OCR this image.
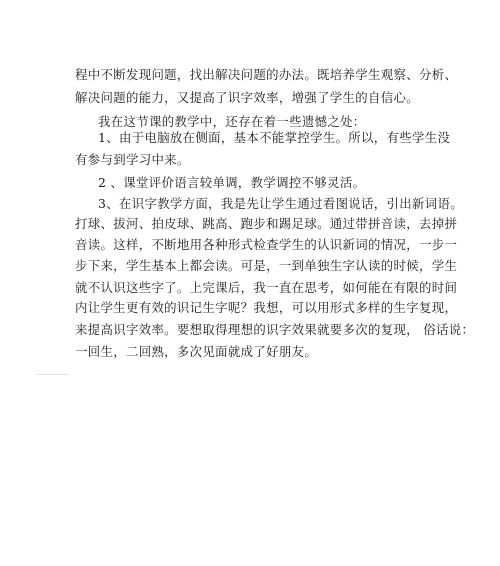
程中不断发现问题，找出解决问题的办法。既培养学生观察、分析、
解决问题的能力，又提高了识字效率，增强了学生的自信心。
我在这节课的教学中，还存在着一些遗憾之处：
1、由于电脑放在侧面，基本不能掌控学生。所以，有些学生没
有参与到学习中来。
2 、课堂评价语言较单调，教学调控不够灵活。
3、在识字教学方面，我是先让学生通过看图说话，引出新词语。
打球、拔河、拍皮球、跳高、跑步和踢足球。通过带拼音读，去掉拼
音读。这样，不断地用各种形式检查学生的认识新词的情况，一步一
步下来，学生基本上都会读。可是，一到单独生字认读的时候，学生
就不认识这些字了。上完课后，我一直在思考，如何能在有限的时间
内让学生更有效的识记生字呢？我想，可以用形式多样的生字复现，
来提高识字效率。要想取得理想的识字效果就要多次的复现， 俗话说：
一回生，二回熟，多次见面就成了好朋友。
